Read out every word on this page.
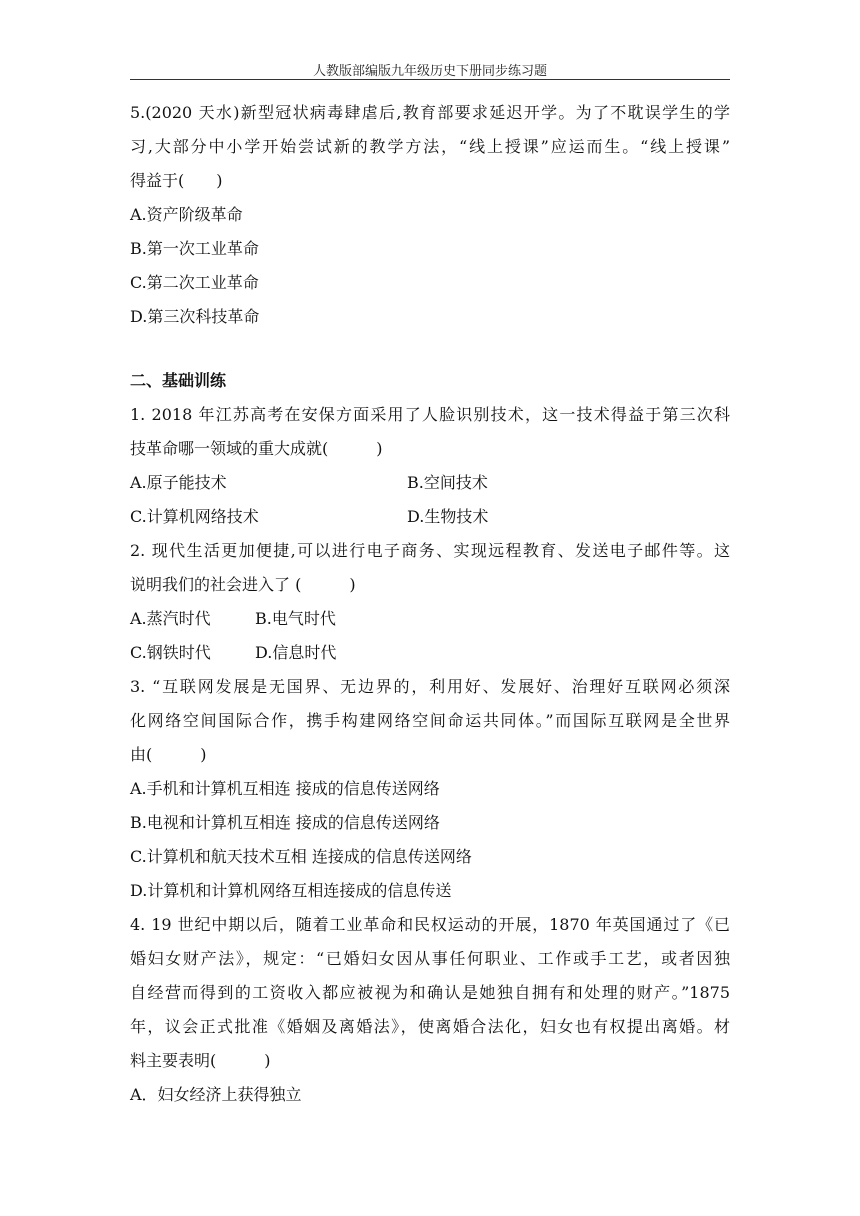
人教版部编版九年级历史下册同步练习题
5.(2020 天水)新型冠状病毒肆虐后,教育部要求延迟开学。为了不耽误学生的学
习,大部分中小学开始尝试新的教学方法，“线上授课”应运而生。“线上授课”
得益于(　　)
A.资产阶级革命
B.第一次工业革命
C.第二次工业革命
D.第三次科技革命
二、基础训练
1. 2018 年江苏高考在安保方面采用了人脸识别技术，这一技术得益于第三次科
技革命哪一领域的重大成就(　　　)
A.原子能技术	B.空间技术
C.计算机网络技术	D.生物技术
2. 现代生活更加便捷,可以进行电子商务、实现远程教育、发送电子邮件等。这
说明我们的社会进入了 (　　　)
A.蒸汽时代	B.电气时代
C.钢铁时代	D.信息时代
3. “互联网发展是无国界、无边界的，利用好、发展好、治理好互联网必须深
化网络空间国际合作，携手构建网络空间命运共同体。”而国际互联网是全世界
由(　　　)
A.手机和计算机互相连 接成的信息传送网络
B.电视和计算机互相连 接成的信息传送网络
C.计算机和航天技术互相 连接成的信息传送网络
D.计算机和计算机网络互相连接成的信息传送
4. 19 世纪中期以后，随着工业革命和民权运动的开展，1870 年英国通过了《已
婚妇女财产法》，规定：“已婚妇女因从事任何职业、工作或手工艺，或者因独
自经营而得到的工资收入都应被视为和确认是她独自拥有和处理的财产。”1875
年，议会正式批准《婚姻及离婚法》，使离婚合法化，妇女也有权提出离婚。材
料主要表明(　　　)
A．妇女经济上获得独立
